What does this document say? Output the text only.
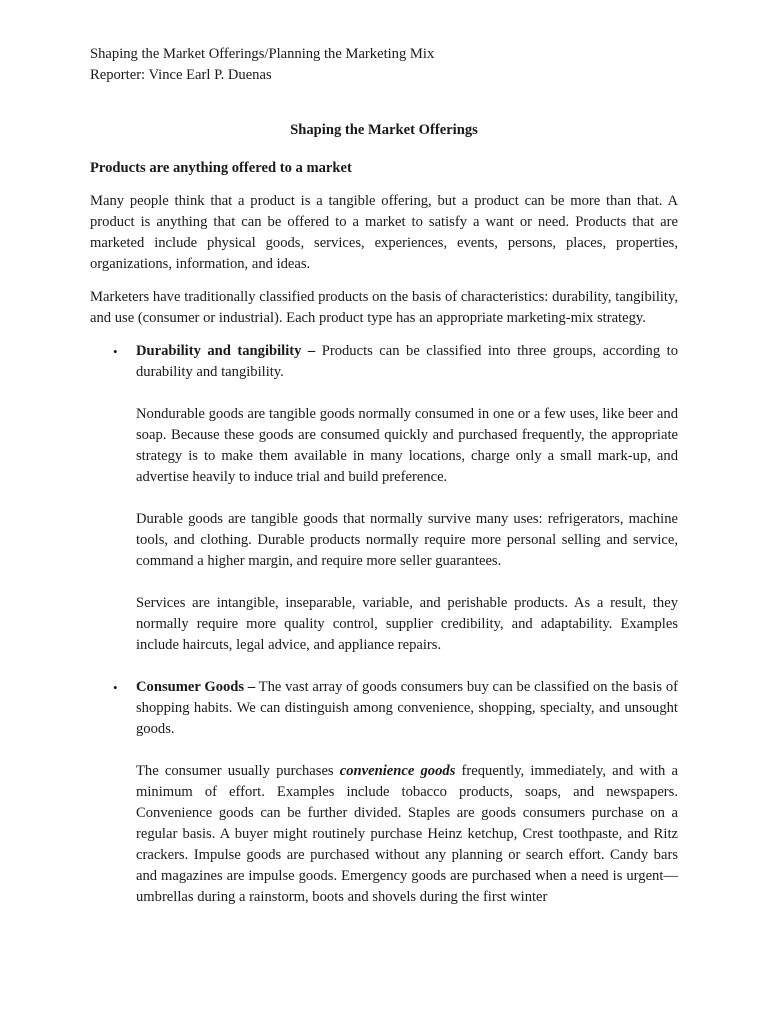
Shaping the Market Offerings/Planning the Marketing Mix

Reporter: Vince Earl P. Duenas

Shaping the Market Offerings

Products are anything offered to a market

Many people think that a product is a tangible offering, but a product can be more than that. A product is anything that can be offered to a market to satisfy a want or need. Products that are marketed include physical goods, services, experiences, events, persons, places, properties, organizations, information, and ideas.

Marketers have traditionally classified products on the basis of characteristics: durability, tangibility, and use (consumer or industrial). Each product type has an appropriate marketing-mix strategy.

• Durability and tangibility – Products can be classified into three groups, according to durability and tangibility.

Nondurable goods are tangible goods normally consumed in one or a few uses, like beer and soap. Because these goods are consumed quickly and purchased frequently, the appropriate strategy is to make them available in many locations, charge only a small mark-up, and advertise heavily to induce trial and build preference.

Durable goods are tangible goods that normally survive many uses: refrigerators, machine tools, and clothing. Durable products normally require more personal selling and service, command a higher margin, and require more seller guarantees.

Services are intangible, inseparable, variable, and perishable products. As a result, they normally require more quality control, supplier credibility, and adaptability. Examples include haircuts, legal advice, and appliance repairs.

• Consumer Goods – The vast array of goods consumers buy can be classified on the basis of shopping habits. We can distinguish among convenience, shopping, specialty, and unsought goods.

The consumer usually purchases convenience goods frequently, immediately, and with a minimum of effort. Examples include tobacco products, soaps, and newspapers. Convenience goods can be further divided. Staples are goods consumers purchase on a regular basis. A buyer might routinely purchase Heinz ketchup, Crest toothpaste, and Ritz crackers. Impulse goods are purchased without any planning or search effort. Candy bars and magazines are impulse goods. Emergency goods are purchased when a need is urgent— umbrellas during a rainstorm, boots and shovels during the first winter
